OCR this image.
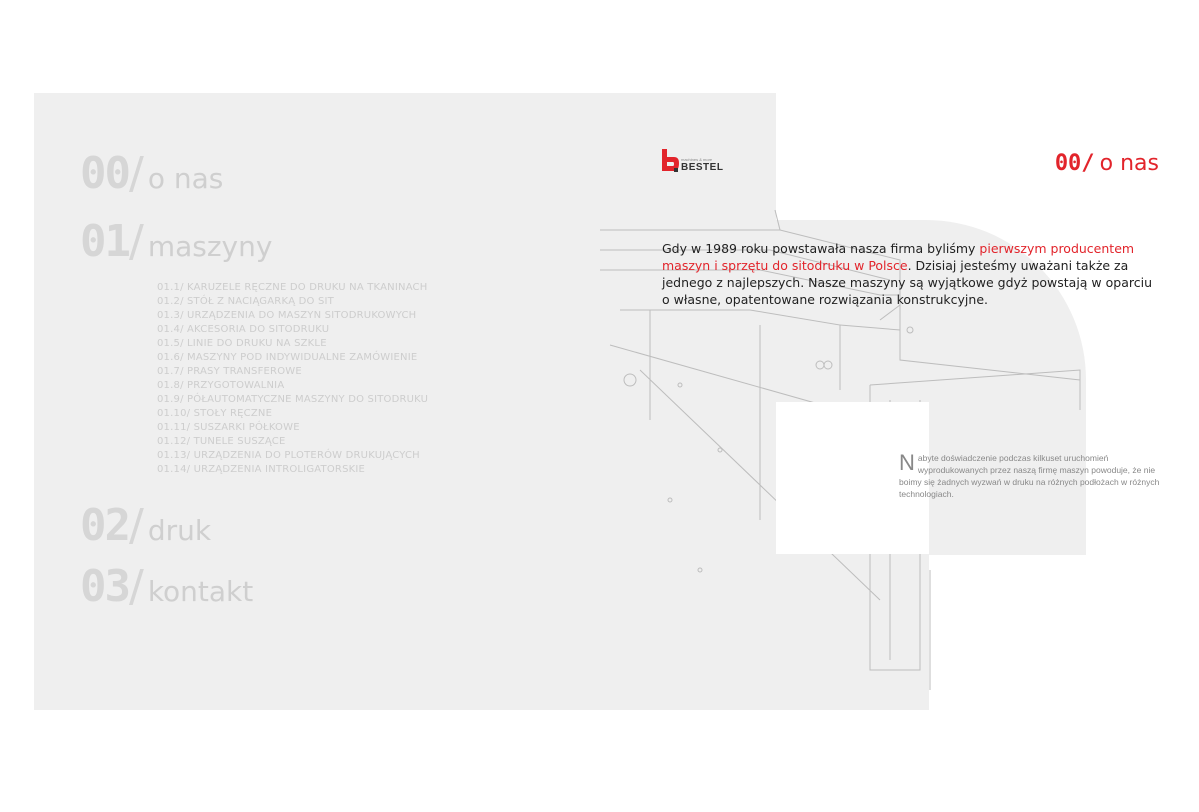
00 / o nas
01 / maszyny
01.1/ KARUZELE RĘCZNE DO DRUKU NA TKANINACH
01.2/ STÓŁ Z NACIĄGARKĄ DO SIT
01.3/ URZĄDZENIA DO MASZYN SITODRUKOWYCH
01.4/ AKCESORIA DO SITODRUKU
01.5/ LINIE DO DRUKU NA SZKLE
01.6/ MASZYNY POD INDYWIDUALNE ZAMÓWIENIE
01.7/ PRASY TRANSFEROWE
01.8/ PRZYGOTOWALNIA
01.9/ PÓŁAUTOMATYCZNE MASZYNY DO SITODRUKU
01.10/ STOŁY RĘCZNE
01.11/ SUSZARKI PÓŁKOWE
01.12/ TUNELE SUSZĄCE
01.13/ URZĄDZENIA DO PLOTERÓW DRUKUJĄCYCH
01.14/ URZĄDZENIA INTROLIGATORSKIE
02 / druk
03 / kontakt
machines & more
BESTEL	00/ o nas
Gdy w 1989 roku powstawała nasza firma byliśmy pierwszym producentem maszyn i sprzętu do sitodruku w Polsce. Dzisiaj jesteśmy uważani także za jednego z najlepszych. Nasze maszyny są wyjątkowe gdyż powstają w oparciu o własne, opatentowane rozwiązania konstrukcyjne.
Nabyte doświadczenie podczas kilkuset uruchomień wyprodukowanych przez naszą firmę maszyn powoduje, że nie boimy się żadnych wyzwań w druku na różnych podłożach w różnych technologiach.
